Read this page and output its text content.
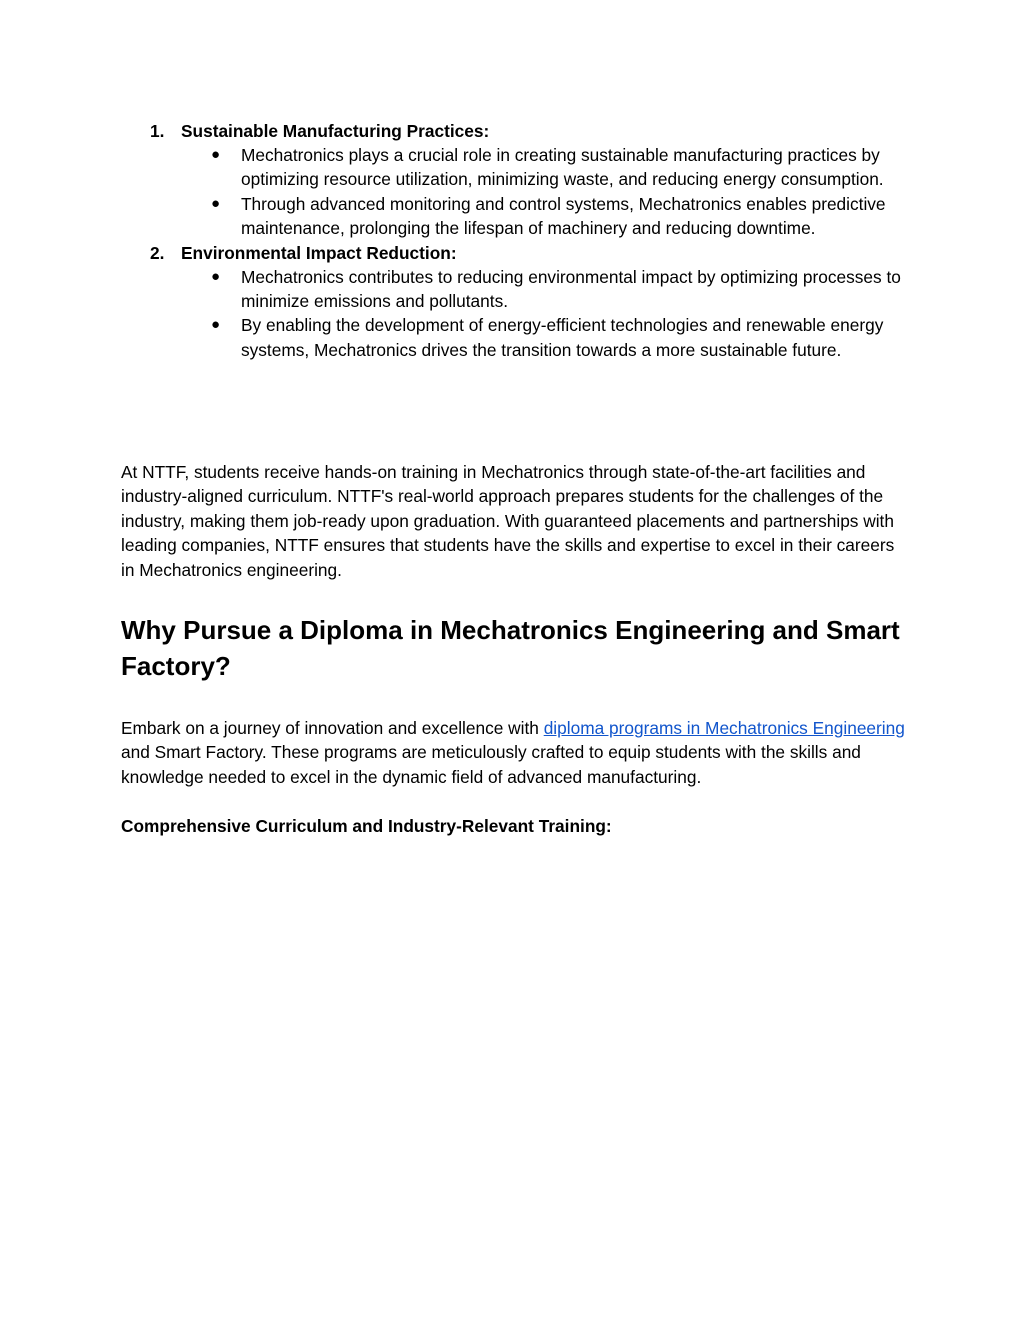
1. Sustainable Manufacturing Practices:
● Mechatronics plays a crucial role in creating sustainable manufacturing practices by optimizing resource utilization, minimizing waste, and reducing energy consumption.
● Through advanced monitoring and control systems, Mechatronics enables predictive maintenance, prolonging the lifespan of machinery and reducing downtime.
2. Environmental Impact Reduction:
● Mechatronics contributes to reducing environmental impact by optimizing processes to minimize emissions and pollutants.
● By enabling the development of energy-efficient technologies and renewable energy systems, Mechatronics drives the transition towards a more sustainable future.

At NTTF, students receive hands-on training in Mechatronics through state-of-the-art facilities and industry-aligned curriculum. NTTF's real-world approach prepares students for the challenges of the industry, making them job-ready upon graduation. With guaranteed placements and partnerships with leading companies, NTTF ensures that students have the skills and expertise to excel in their careers in Mechatronics engineering.

Why Pursue a Diploma in Mechatronics Engineering and Smart Factory?

Embark on a journey of innovation and excellence with diploma programs in Mechatronics Engineering and Smart Factory. These programs are meticulously crafted to equip students with the skills and knowledge needed to excel in the dynamic field of advanced manufacturing.

Comprehensive Curriculum and Industry-Relevant Training:
